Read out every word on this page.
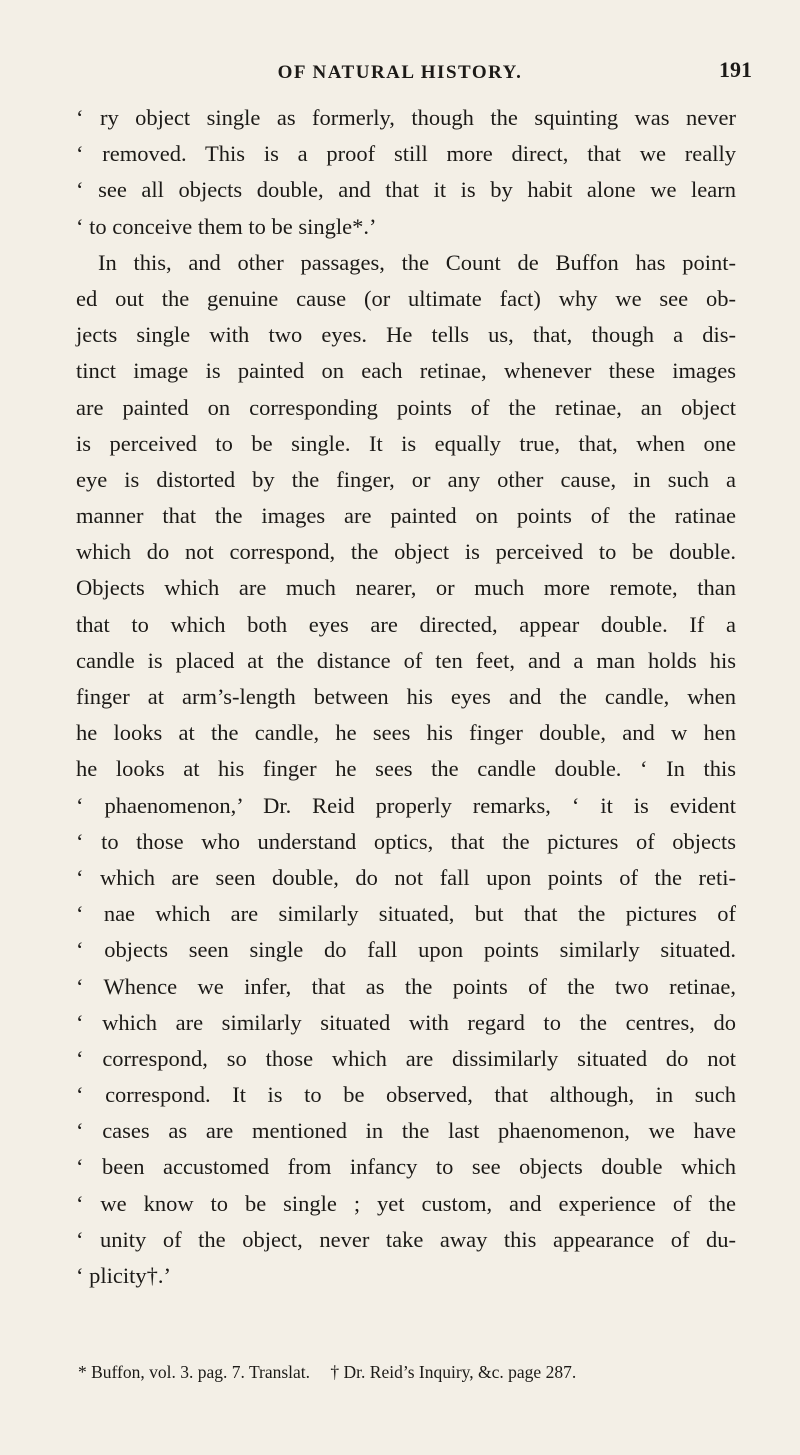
OF NATURAL HISTORY.	191
‘ ry object single as formerly, though the squinting was never
‘ removed. This is a proof still more direct, that we really
‘ see all objects double, and that it is by habit alone we learn
‘ to conceive them to be single*.’
In this, and other passages, the Count de Buffon has point-
ed out the genuine cause (or ultimate fact) why we see ob-
jects single with two eyes. He tells us, that, though a dis-
tinct image is painted on each retinae, whenever these images
are painted on corresponding points of the retinae, an object
is perceived to be single. It is equally true, that, when one
eye is distorted by the finger, or any other cause, in such a
manner that the images are painted on points of the ratinae
which do not correspond, the object is perceived to be double.
Objects which are much nearer, or much more remote, than
that to which both eyes are directed, appear double. If a
candle is placed at the distance of ten feet, and a man holds his
finger at arm’s-length between his eyes and the candle, when
he looks at the candle, he sees his finger double, and w hen
he looks at his finger he sees the candle double. ‘ In this
‘ phaenomenon,’ Dr. Reid properly remarks, ‘ it is evident
‘ to those who understand optics, that the pictures of objects
‘ which are seen double, do not fall upon points of the reti-
‘ nae which are similarly situated, but that the pictures of
‘ objects seen single do fall upon points similarly situated.
‘ Whence we infer, that as the points of the two retinae,
‘ which are similarly situated with regard to the centres, do
‘ correspond, so those which are dissimilarly situated do not
‘ correspond. It is to be observed, that although, in such
‘ cases as are mentioned in the last phaenomenon, we have
‘ been accustomed from infancy to see objects double which
‘ we know to be single ; yet custom, and experience of the
‘ unity of the object, never take away this appearance of du-
‘ plicity†.’
* Buffon, vol. 3. pag. 7. Translat. † Dr. Reid’s Inquiry, &c. page 287.
